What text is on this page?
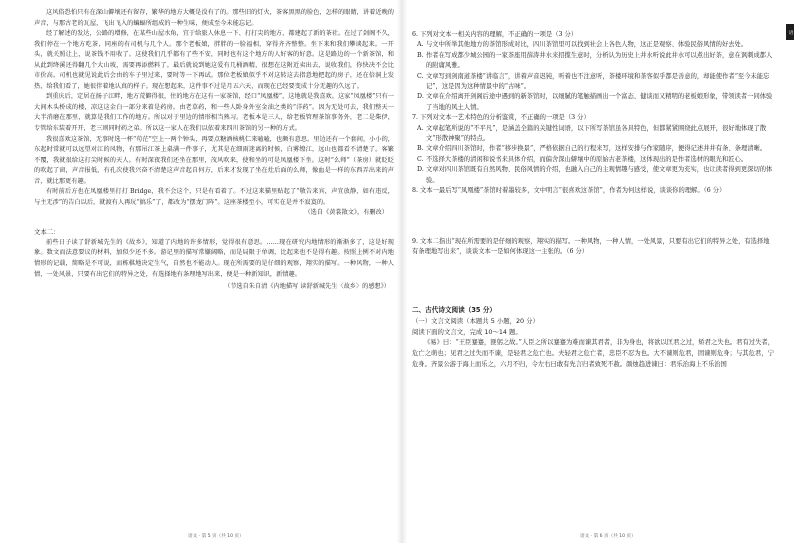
这风俗恐怕只有在深山僻壤还有留存，繁华的地方大概是没有了的。那些旧的灯火，茶客黑黑的脸色，怎样的眼睛，讲着近晚的声音，与那古老的瓦屋，飞出飞入的蝙蝠所组成的一种生味，便成至今未能忘记。

经了解述的发达，公路的增修，在某些山屋水角，宜于给旅人休息一下、打打尖的地方，都建起了新的茶社。在过了剑阁不久，我们停在一个地方吃茶，同座的有司机与几个人。那个老板娘，胖胖的一脸福相，穿得齐齐整整。坐下来和我们攀谈起来。一开头，就关照让上，说茶钱不用收了。这使我们几乎都有了些不安，同时也有这个地方的人好客的好意。这是路边的一个新茶馆，和从此到绛溪还得翻几个大山坡，需要再添燃料了。最后就说到她这爱有几桶酒精，很想在这附近卖出去，说收我们，你快决不会比市价高。司机也就见说此后会由的车子里过来，要时等一下再试。那位老板娘似乎不对这转这去指意地把起的房子，还在倍洞上发热，给我们看了，她很伴着地认真的样子。现在想起来，这件事不过是月五六天，而现在已经要变成十分无趣的久远了。

到重庆后，定居在扬子江畔，地方荒僻得很，住的地方在这有一家茶馆，经口“凤凰楼”，这地就是我喜欢。这家“凤凰楼”只有一大间木头桥成的楼，凉这这金白一部分来着是药房。由老草药，和一些人卧身外室金油之类的“洋药”。因为无处可去，我们整天一大半消磨在那里，就算是我们工作的地方。所以对于里边的情形相当熟习。老板本是三人，给老板管理茶馆事务外，老二是柴伊，专管给东装着开开，老三则同时药之弟。所以这一家人在我们以依着来四川茶馆的另一种的方式。

我很喜欢这茶馆，无事时选一杯“苟茫”空上一两个钟头，再要点糖酒核桃仁来嗑嗑，也颇有意思。里边还有一个套间，小小的，东起时常就可以远望对江的风物，有那吊江茶上桌满一件事子，尤其是在细雨迷离的时候，白雾缭江，远山也都看不清楚了。客繁不覆，我就很给这打尖时候的天人。有时深夜我们还坐在那里，茂风吹来，使和坐的可是凤凰楼下坐。这时“么师”（茶房）就眨眨的吹起了窗，声音报低，有孔次使我兴奋不清楚这声音起自何方，后来才发现了坐在灶后面的么师，像血是一样的东西弄出来的声音，就比那更有趣。

有时前后方也在凤凰楼里打打 Bridge，我不会这个，只是有看着了。不过这来猫里贴起了“敬告来宾，声宜放静，如有违反，与主无涉”的告白以后，就渡有人再玩“搞乐”了，都改为“摆龙门阵”。这座茶楼至小，可实在是并不寂寞的。

（选自《黄裳散文》，有删改）

文本二：

前些日子读了舒新城先生的《故乡》，知道了内地的许多情形，觉得很有意思。……现在研究内地情形的渐渐多了，这是好现象。数文而法意要议的材料，加似少还不多。游记里的描写常嫌阔略，而是局限于单调，比起来也不是得有趣。按照上例不对内地情形的记载，简略是不可说，而栋棋地决定生气，自然也不能动人。现在所需要的是仔细的观察，翔实的描写。一种风物，一种人情，一处风景，只要有出它们的特异之处，有选择地有条理地写出来，便是一种新知识，新情趣。

（节选自朱自清《内地描写 读舒新城先生〈故乡〉的感想》）
语文 · 第 5 页（共 10 页）

6. 下列对文本一相关内容的理解，不正确的一项是（3 分）

A. 与文中所举其他地方的茶馆形成对比，四川茶馆里可以找到社会上各色人物，这正是观察、体验民俗风情的好去处。

B. 作者在写成都少城公园的一家茶座用薛涛井水来招揽生意时，分析认为历史上井水听说此井水可以煮出好茶，意在讽刺成都人的附庸风雅。

C. 文章写到剑南道茶楼“讲临言”，讲着声音迟钝，听着也不注意听，茶楼环境和茶客似乎都是善意的，却能使作者“至今未能忘记”，这是因为这种情景中的“古味”。

D. 文章在介绍离开剑阁后途中遇到的新茶馆时，以细腻的笔触描画出一个富态、健谈而又精明的老板娘形象，带领读者一同体验了当地的风土人情。

7. 下列对文本一艺术特色的分析鉴赏，不正确的一项是（3 分）

A. 文章起笔所说的“不平凡”，是涵盖全篇的关键性词语，以下所写茶馆虽各具特色，但都紧紧围绕此点展开，很好地体现了散文“形散神聚”的特点。

B. 文章介绍四川茶馆时，作者“移步换景”，严格依据自己的行程来写，这样安排与作家随序，便得记述井井有条、条理清晰。

C. 不选择大茶楼的清闲和说书来具体介绍，而偏舍深山僻壤中的原始古老茶楼，这体现出的是作者选材的眼光和匠心。

D. 文章对四川茶馆既有自然风物、民俗风情的介绍，也融入自己的主观情趣与感受，使文章更为充实，也让读者得到更深切的体验。

8. 文本一最后写“凤凰楼”茶馆时着墨较多，文中明言“很喜欢这茶馆”，作者为何这样说，谈谈你的理解。（6 分）

9. 文本二指出“现在所需要的是仔细的观察，翔实的描写。一种风物，一种人情，一处风景，只要有出它们的特异之处，有选择地有条理地写出来”，谈谈文本一是如何体现这一主张的。（6 分）

二、古代诗文阅读（35 分）

（一）文言文阅读（本题共 5 小题，20 分）

阅读下面的文言文，完成 10～14 题。

《易》曰：“王臣蹇蹇，匪躬之故。”人臣之所以蹇蹇为难而谏其君者，非为身也，将欲以匡君之过，矫君之失也。君有过失者，危亡之萌也；见君之过失而不谏，是轻君之危亡也。夫轻君之危亡者，忠臣不忍为也。大不谏则危君，固谏则危身；与其危君，宁危身。齐景公游于海上而乐之，六月不归，令左右曰敢有先言归者致死不赦。颜烛趋进谏曰：君乐治海上不乐治国

语文 · 第 6 页（共 10 页）
语
